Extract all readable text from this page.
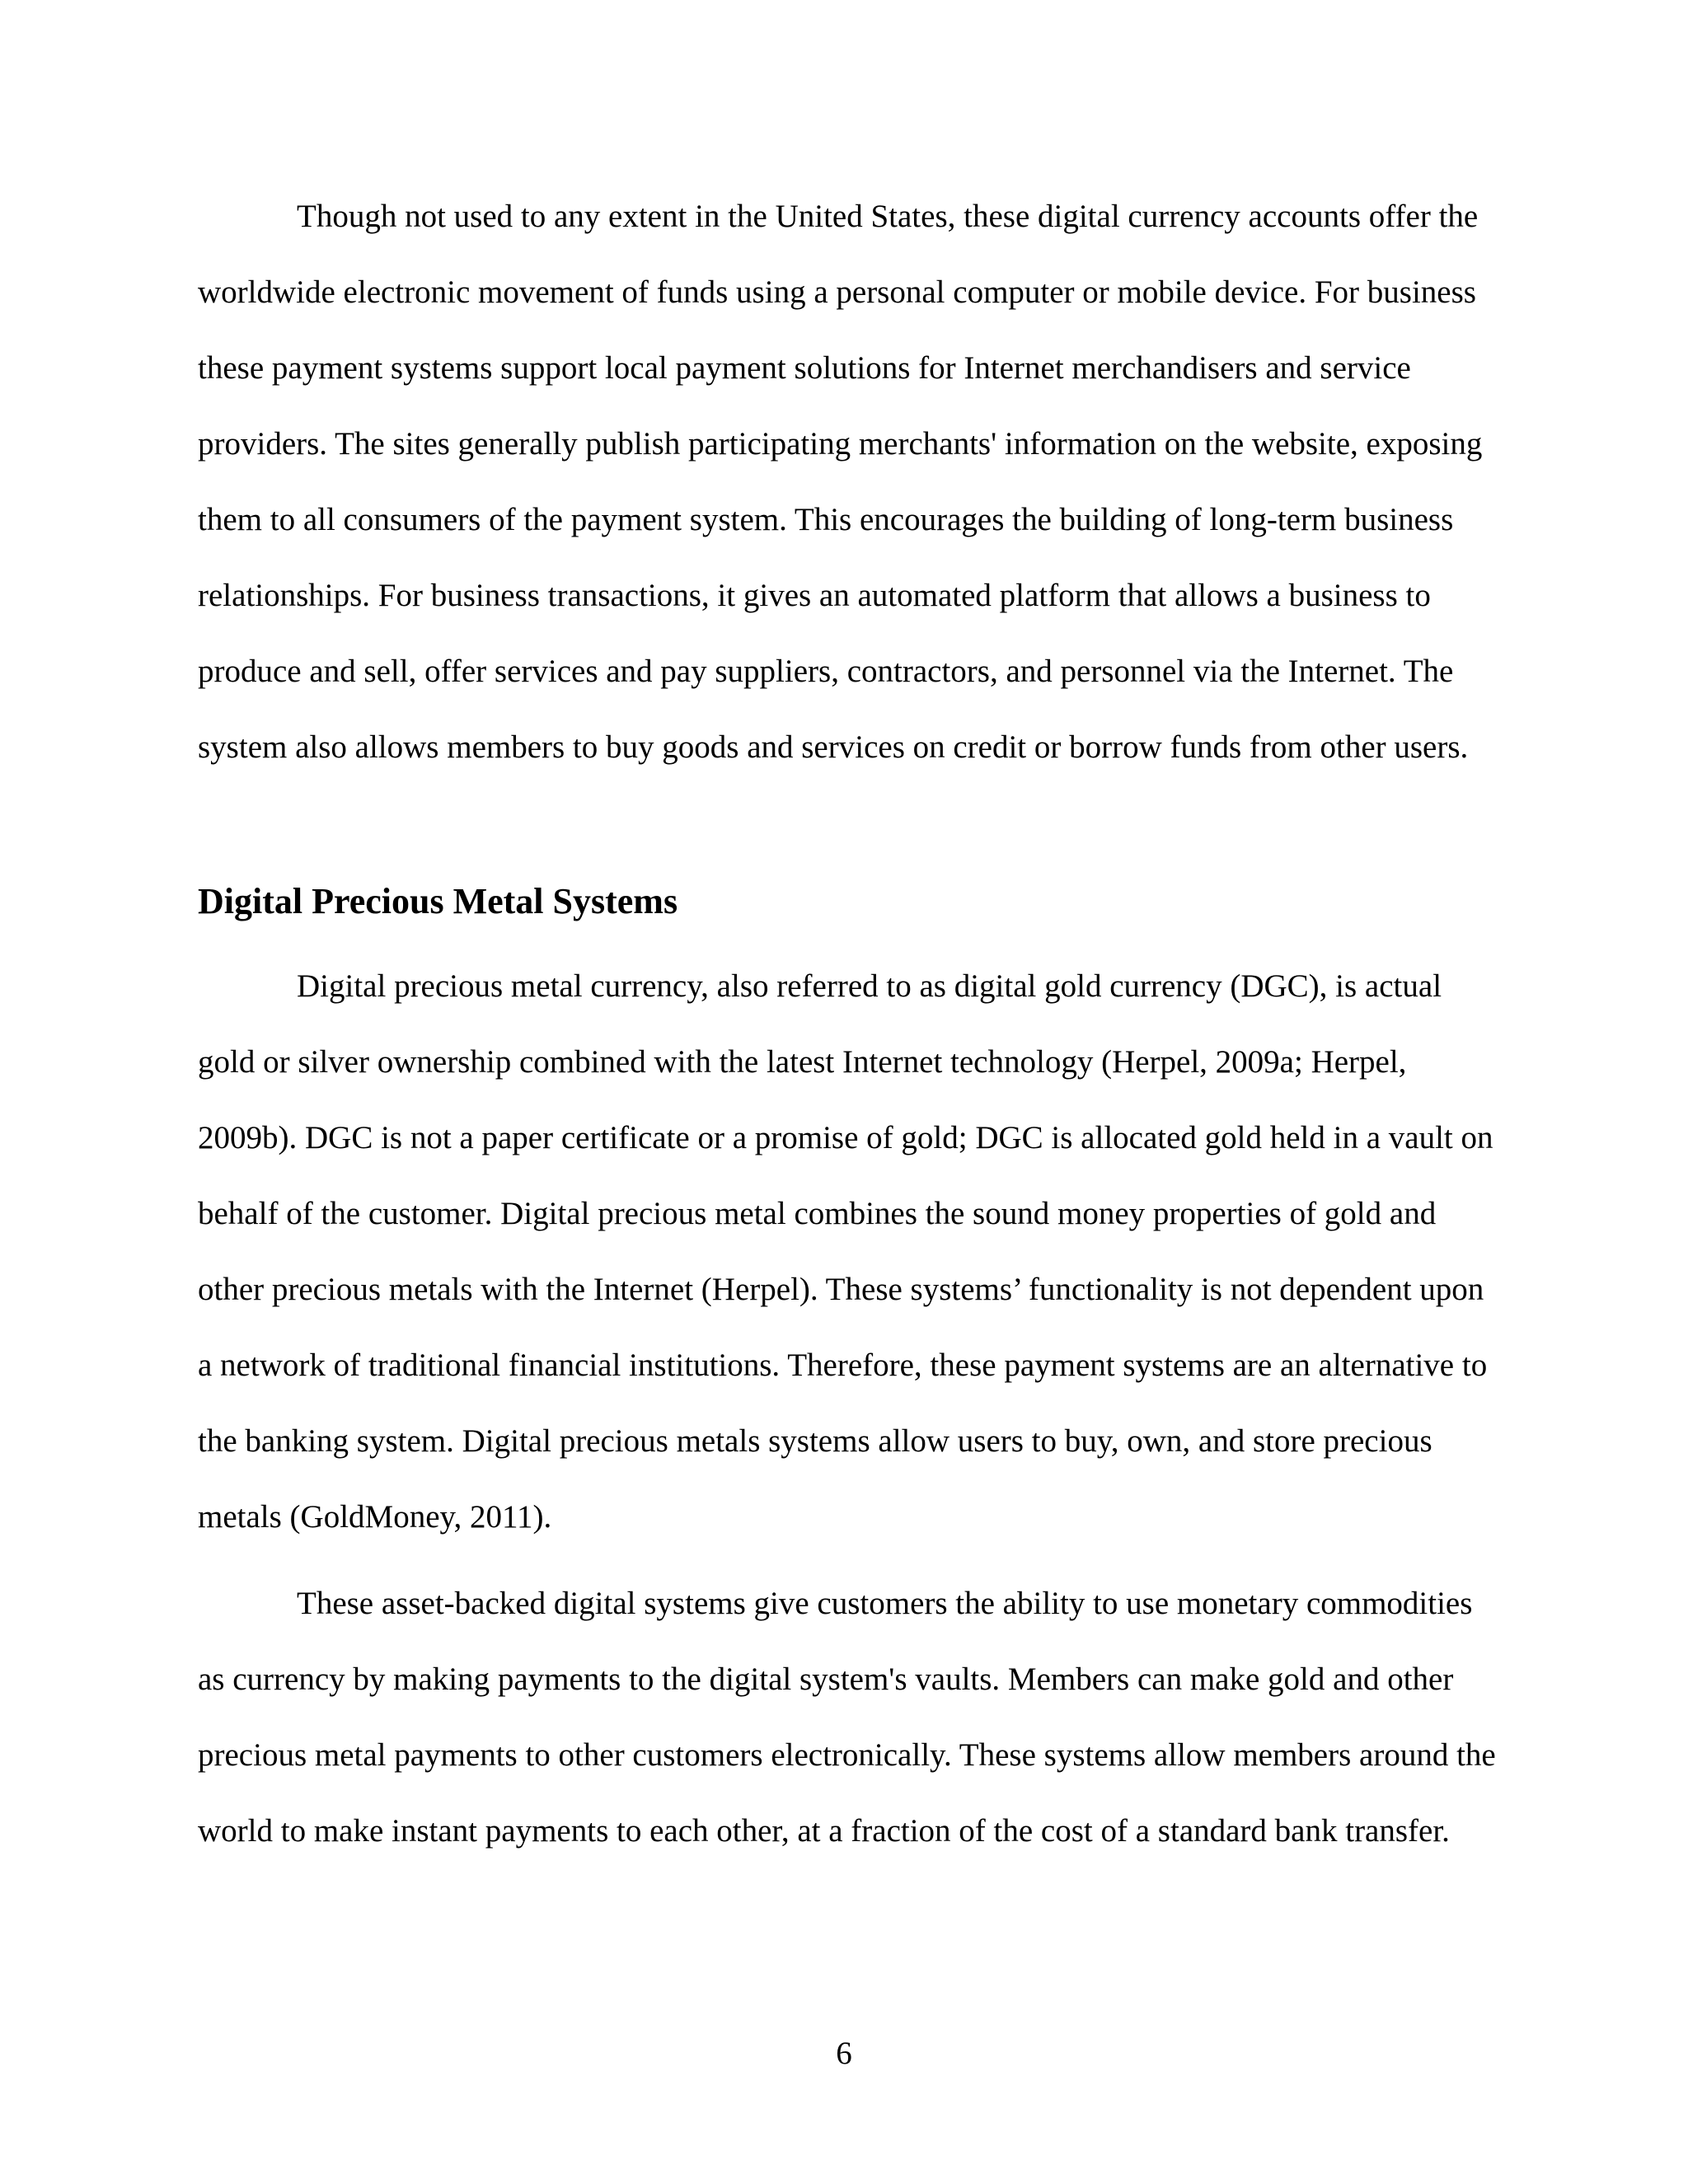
Though not used to any extent in the United States, these digital currency accounts offer the worldwide electronic movement of funds using a personal computer or mobile device. For business these payment systems support local payment solutions for Internet merchandisers and service providers. The sites generally publish participating merchants' information on the website, exposing them to all consumers of the payment system. This encourages the building of long-term business relationships. For business transactions, it gives an automated platform that allows a business to produce and sell, offer services and pay suppliers, contractors, and personnel via the Internet. The system also allows members to buy goods and services on credit or borrow funds from other users.

Digital Precious Metal Systems

Digital precious metal currency, also referred to as digital gold currency (DGC), is actual gold or silver ownership combined with the latest Internet technology (Herpel, 2009a; Herpel, 2009b). DGC is not a paper certificate or a promise of gold; DGC is allocated gold held in a vault on behalf of the customer. Digital precious metal combines the sound money properties of gold and other precious metals with the Internet (Herpel). These systems’ functionality is not dependent upon a network of traditional financial institutions. Therefore, these payment systems are an alternative to the banking system. Digital precious metals systems allow users to buy, own, and store precious metals (GoldMoney, 2011).

These asset-backed digital systems give customers the ability to use monetary commodities as currency by making payments to the digital system's vaults. Members can make gold and other precious metal payments to other customers electronically. These systems allow members around the world to make instant payments to each other, at a fraction of the cost of a standard bank transfer.

6
